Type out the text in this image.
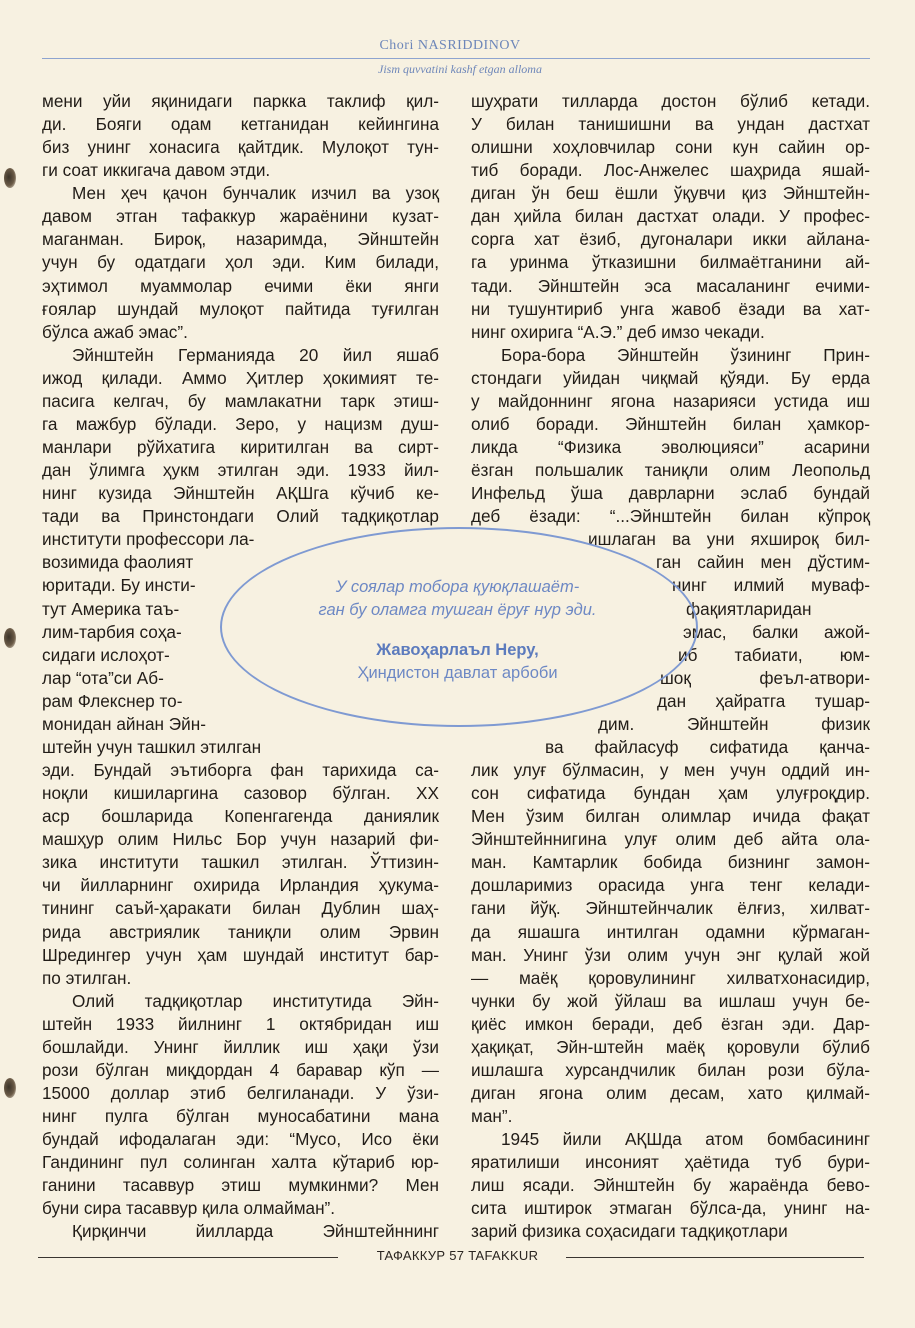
Chori NASRIDDINOV
Jism quvvatini kashf etgan alloma
мени уйи яқинидаги паркка таклиф қил-
ди. Бояги одам кетганидан кейингина
биз унинг хонасига қайтдик. Мулоқот тун-
ги соат иккигача давом этди.
Мен ҳеч қачон бунчалик изчил ва узоқ
давом этган тафаккур жараёнини кузат-
маганман. Бироқ, назаримда, Эйнштейн
учун бу одатдаги ҳол эди. Ким билади,
эҳтимол муаммолар ечими ёки янги
ғоялар шундай мулоқот пайтида туғилган
бўлса ажаб эмас”.
Эйнштейн Германияда 20 йил яшаб
ижод қилади. Аммо Ҳитлер ҳокимият те-
пасига келгач, бу мамлакатни тарк этиш-
га мажбур бўлади. Зеро, у нацизм душ-
манлари рўйхатига киритилган ва сирт-
дан ўлимга ҳукм этилган эди. 1933 йил-
нинг кузида Эйнштейн АҚШга кўчиб ке-
тади ва Принстондаги Олий тадқиқотлар
институти профессори ла-
возимида фаолият
юритади. Бу инсти-
тут Америка таъ-
лим-тарбия соҳа-
сидаги ислоҳот-
лар “ота”си Аб-
рам Флекснер то-
монидан айнан Эйн-
штейн учун ташкил этилган
эди. Бундай эътиборга фан тарихида са-
ноқли кишиларгина сазовор бўлган. XX
аср бошларида Копенгагенда даниялик
машҳур олим Нильс Бор учун назарий фи-
зика институти ташкил этилган. Ўттизин-
чи йилларнинг охирида Ирландия ҳукума-
тининг саъй-ҳаракати билан Дублин шаҳ-
рида австриялик таниқли олим Эрвин
Шредингер учун ҳам шундай институт бар-
по этилган.
Олий тадқиқотлар институтида Эйн-
штейн 1933 йилнинг 1 октябридан иш
бошлайди. Унинг йиллик иш ҳақи ўзи
рози бўлган миқдордан 4 баравар кўп —
15000 доллар этиб белгиланади. У ўзи-
нинг пулга бўлган муносабатини мана
бундай ифодалаган эди: “Мусо, Исо ёки
Гандининг пул солинган халта кўтариб юр-
ганини тасаввур этиш мумкинми? Мен
буни сира тасаввур қила олмайман”.
Қирқинчи йилларда Эйнштейннинг
шуҳрати тилларда достон бўлиб кетади.
У билан танишишни ва ундан дастхат
олишни хоҳловчилар сони кун сайин ор-
тиб боради. Лос-Анжелес шаҳрида яшай-
диган ўн беш ёшли ўқувчи қиз Эйнштейн-
дан ҳийла билан дастхат олади. У профес-
сорга хат ёзиб, дугоналари икки айлана-
га уринма ўтказишни билмаётганини ай-
тади. Эйнштейн эса масаланинг ечими-
ни тушунтириб унга жавоб ёзади ва хат-
нинг охирига “А.Э.” деб имзо чекади.
Бора-бора Эйнштейн ўзининг Прин-
стондаги уйидан чиқмай қўяди. Бу ерда
у майдоннинг ягона назарияси устида иш
олиб боради. Эйнштейн билан ҳамкор-
ликда “Физика эволюцияси” асарини
ёзган польшалик таниқли олим Леопольд
Инфельд ўша даврларни эслаб бундай
деб ёзади: “...Эйнштейн билан кўпроқ
ишлаган ва уни яхшироқ бил-
ган сайин мен дўстим-
нинг илмий муваф-
фақиятларидан
эмас, балки ажой-
иб табиати, юм-
шоқ феъл-атвори-
дан ҳайратга тушар-
дим. Эйнштейн физик
ва файласуф сифатида қанча-
лик улуғ бўлмасин, у мен учун оддий ин-
сон сифатида бундан ҳам улуғроқдир.
Мен ўзим билган олимлар ичида фақат
Эйнштейннигина улуғ олим деб айта ола-
ман. Камтарлик бобида бизнинг замон-
дошларимиз орасида унга тенг келади-
гани йўқ. Эйнштейнчалик ёлғиз, хилват-
да яшашга интилган одамни кўрмаган-
ман. Унинг ўзи олим учун энг қулай жой
— маёқ қоровулининг хилватхонасидир,
чунки бу жой ўйлаш ва ишлаш учун бе-
қиёс имкон беради, деб ёзган эди. Дар-
ҳақиқат, Эйн-штейн маёқ қоровули бўлиб
ишлашга хурсандчилик билан рози бўла-
диган ягона олим десам, хато қилмай-
ман”.
1945 йили АҚШда атом бомбасининг
яратилиши инсоният ҳаётида туб бури-
лиш ясади. Эйнштейн бу жараёнда бево-
сита иштирок этмаган бўлса-да, унинг на-
зарий физика соҳасидаги тадқиқотлари
У соялар тобора қуюқлашаёт-
ган бу оламга тушган ёруғ нур эди.
Жавоҳарлаъл Неру,
Ҳиндистон давлат арбоби
ТАФАККУР 57 TAFAKKUR
